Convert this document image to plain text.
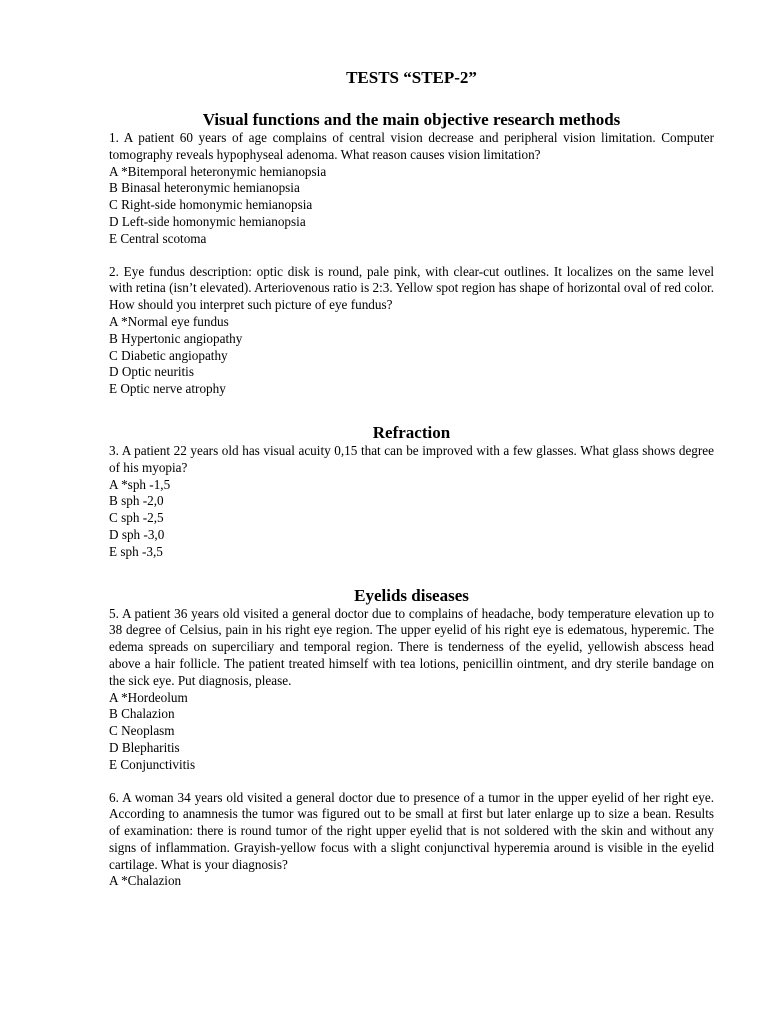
TESTS “STEP-2”
Visual functions and the main objective research methods

1. A patient 60 years of age complains of central vision decrease and peripheral vision limitation. Computer tomography reveals hypophyseal adenoma. What reason causes vision limitation?

A *Bitemporal heteronymic hemianopsia
B Binasal heteronymic hemianopsia
C Right-side homonymic hemianopsia
D Left-side homonymic hemianopsia
E Central scotoma

2. Eye fundus description: optic disk is round, pale pink, with clear-cut outlines. It localizes on the same level with retina (isn’t elevated). Arteriovenous ratio is 2:3. Yellow spot region has shape of horizontal oval of red color. How should you interpret such picture of eye fundus?

A *Normal eye fundus
B Hypertonic angiopathy
C Diabetic angiopathy
D Optic neuritis
E Optic nerve atrophy
Refraction

3. A patient 22 years old has visual acuity 0,15 that can be improved with a few glasses. What glass shows degree of his myopia?

A *sph -1,5
B sph -2,0
C sph -2,5
D sph -3,0
E sph -3,5
Eyelids diseases

5. A patient 36 years old visited a general doctor due to complains of headache, body temperature elevation up to 38 degree of Celsius, pain in his right eye region. The upper eyelid of his right eye is edematous, hyperemic. The edema spreads on superciliary and temporal region. There is tenderness of the eyelid, yellowish abscess head above a hair follicle. The patient treated himself with tea lotions, penicillin ointment, and dry sterile bandage on the sick eye. Put diagnosis, please.

A *Hordeolum
B Chalazion
C Neoplasm
D Blepharitis
E Conjunctivitis

6. A woman 34 years old visited a general doctor due to presence of a tumor in the upper eyelid of her right eye. According to anamnesis the tumor was figured out to be small at first but later enlarge up to size a bean. Results of examination: there is round tumor of the right upper eyelid that is not soldered with the skin and without any signs of inflammation. Grayish-yellow focus with a slight conjunctival hyperemia around is visible in the eyelid cartilage. What is your diagnosis?

A *Chalazion
